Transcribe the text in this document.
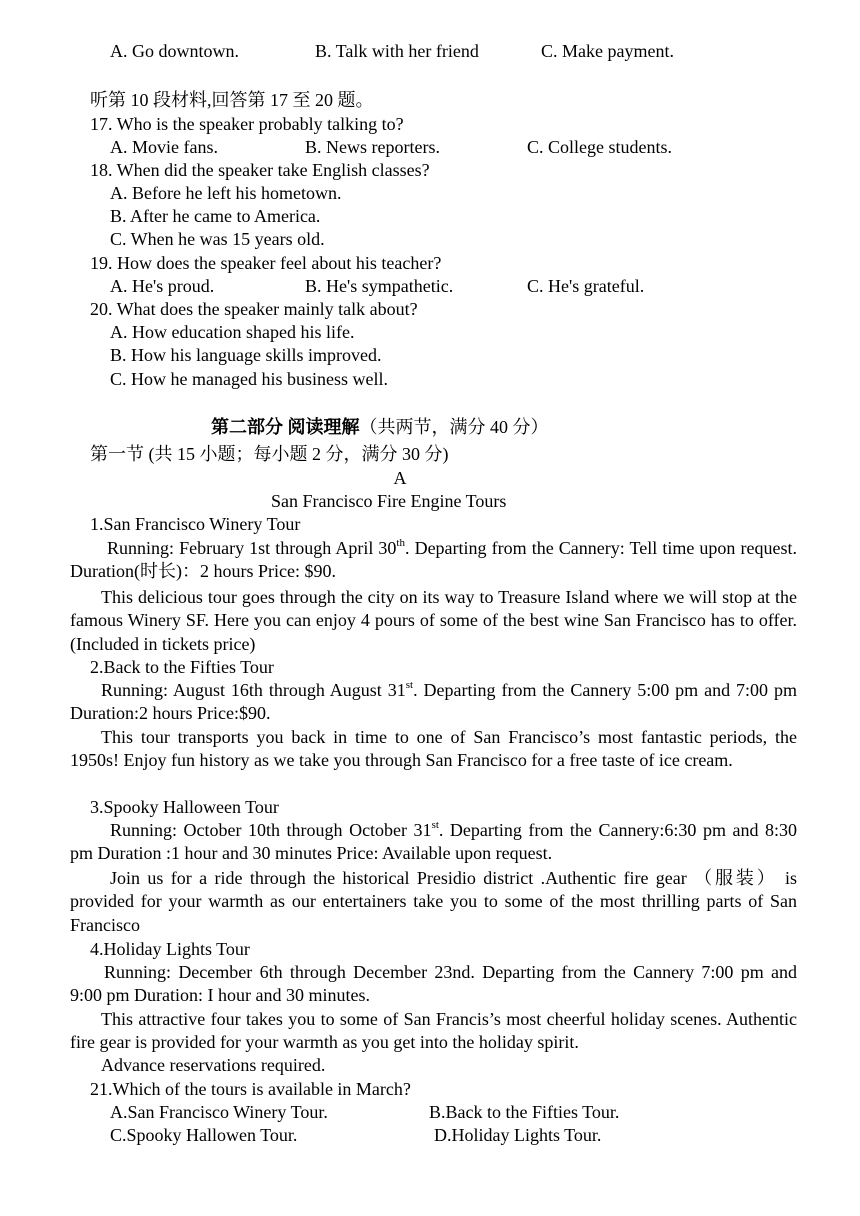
A. Go downtown.	B. Talk with her friend	C. Make payment.
听第 10 段材料,回答第 17 至 20 题。
17. Who is the speaker probably talking to?
A. Movie fans.	B. News reporters.	C. College students.
18. When did the speaker take English classes?
A. Before he left his hometown.
B. After he came to America.
C. When he was 15 years old.
19. How does the speaker feel about his teacher?
A. He's proud.	B. He's sympathetic.	C. He's grateful.
20. What does the speaker mainly talk about?
A. How education shaped his life.
B. How his language skills improved.
C. How he managed his business well.
第二部分 阅读理解（共两节，满分 40 分）
第一节 (共 15 小题；每小题 2 分，满分 30 分)
A
San Francisco Fire Engine Tours
1.San Francisco Winery Tour
Running: February 1st through April 30th. Departing from the Cannery: Tell time upon request. Duration(时长)：2 hours Price: $90.
This delicious tour goes through the city on its way to Treasure Island where we will stop at the famous Winery SF. Here you can enjoy 4 pours of some of the best wine San Francisco has to offer.(Included in tickets price)
2.Back to the Fifties Tour
Running: August 16th through August 31st. Departing from the Cannery 5:00 pm and 7:00 pm Duration:2 hours Price:$90.
This tour transports you back in time to one of San Francisco’s most fantastic periods, the 1950s! Enjoy fun history as we take you through San Francisco for a free taste of ice cream.
3.Spooky Halloween Tour
Running: October 10th through October 31st. Departing from the Cannery:6:30 pm and 8:30 pm Duration :1 hour and 30 minutes Price: Available upon request.
Join us for a ride through the historical Presidio district .Authentic fire gear （服装） is provided for your warmth as our entertainers take you to some of the most thrilling parts of San Francisco
4.Holiday Lights Tour
Running: December 6th through December 23nd. Departing from the Cannery 7:00 pm and 9:00 pm Duration: I hour and 30 minutes.
This attractive four takes you to some of San Francis’s most cheerful holiday scenes. Authentic fire gear is provided for your warmth as you get into the holiday spirit.
Advance reservations required.
21.Which of the tours is available in March?
A.San Francisco Winery Tour.	B.Back to the Fifties Tour.
C.Spooky Hallowen Tour.	D.Holiday Lights Tour.
